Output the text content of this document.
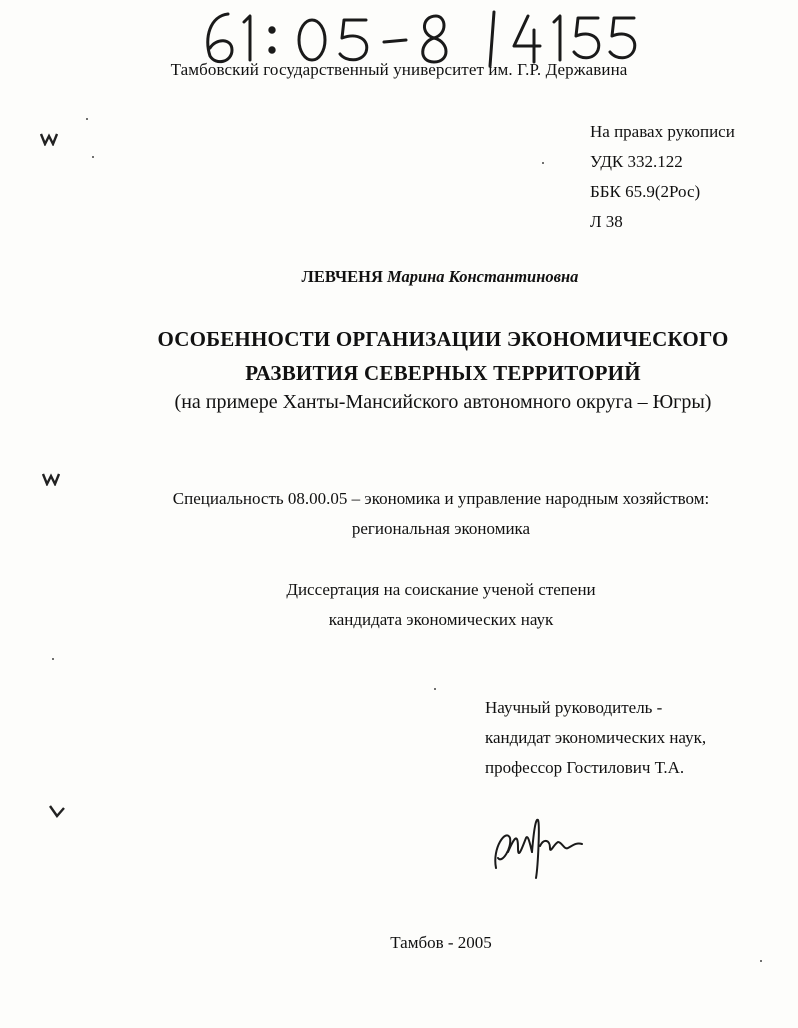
Тамбовский государственный университет им. Г.Р. Державина
На правах рукописи
УДК 332.122
ББК 65.9(2Рос)
Л 38
ЛЕВЧЕНЯ Марина Константиновна
ОСОБЕННОСТИ ОРГАНИЗАЦИИ ЭКОНОМИЧЕСКОГО
РАЗВИТИЯ СЕВЕРНЫХ ТЕРРИТОРИЙ
(на примере Ханты-Мансийского автономного округа – Югры)
Специальность 08.00.05 – экономика и управление народным хозяйством:
региональная экономика
Диссертация на соискание ученой степени
кандидата экономических наук
Научный руководитель -
кандидат экономических наук,
профессор Гостилович Т.А.
Тамбов - 2005
